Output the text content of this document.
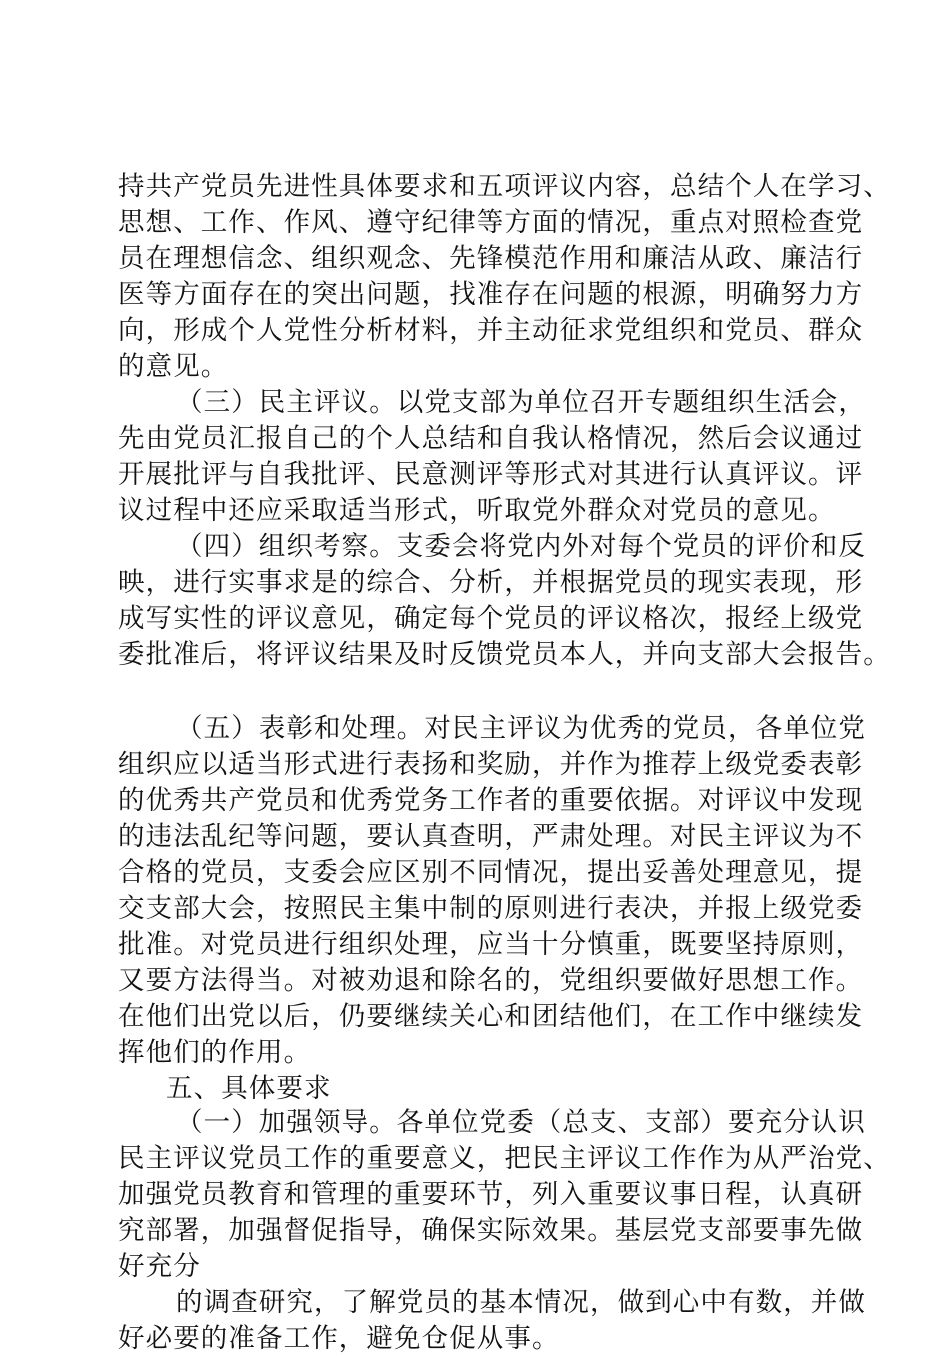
持共产党员先进性具体要求和五项评议内容，总结个人在学习、
思想、工作、作风、遵守纪律等方面的情况，重点对照检查党
员在理想信念、组织观念、先锋模范作用和廉洁从政、廉洁行
医等方面存在的突出问题，找准存在问题的根源，明确努力方
向，形成个人党性分析材料，并主动征求党组织和党员、群众
的意见。
（三）民主评议。以党支部为单位召开专题组织生活会，
先由党员汇报自己的个人总结和自我认格情况，然后会议通过
开展批评与自我批评、民意测评等形式对其进行认真评议。评
议过程中还应采取适当形式，听取党外群众对党员的意见。
（四）组织考察。支委会将党内外对每个党员的评价和反
映，进行实事求是的综合、分析，并根据党员的现实表现，形
成写实性的评议意见，确定每个党员的评议格次，报经上级党
委批准后，将评议结果及时反馈党员本人，并向支部大会报告。
（五）表彰和处理。对民主评议为优秀的党员，各单位党
组织应以适当形式进行表扬和奖励，并作为推荐上级党委表彰
的优秀共产党员和优秀党务工作者的重要依据。对评议中发现
的违法乱纪等问题，要认真查明，严肃处理。对民主评议为不
合格的党员，支委会应区别不同情况，提出妥善处理意见，提
交支部大会，按照民主集中制的原则进行表决，并报上级党委
批准。对党员进行组织处理，应当十分慎重，既要坚持原则，
又要方法得当。对被劝退和除名的，党组织要做好思想工作。
在他们出党以后，仍要继续关心和团结他们，在工作中继续发
挥他们的作用。
五、具体要求
（一）加强领导。各单位党委（总支、支部）要充分认识
民主评议党员工作的重要意义，把民主评议工作作为从严治党、
加强党员教育和管理的重要环节，列入重要议事日程，认真研
究部署，加强督促指导，确保实际效果。基层党支部要事先做
好充分
的调查研究，了解党员的基本情况，做到心中有数，并做
好必要的准备工作，避免仓促从事。
